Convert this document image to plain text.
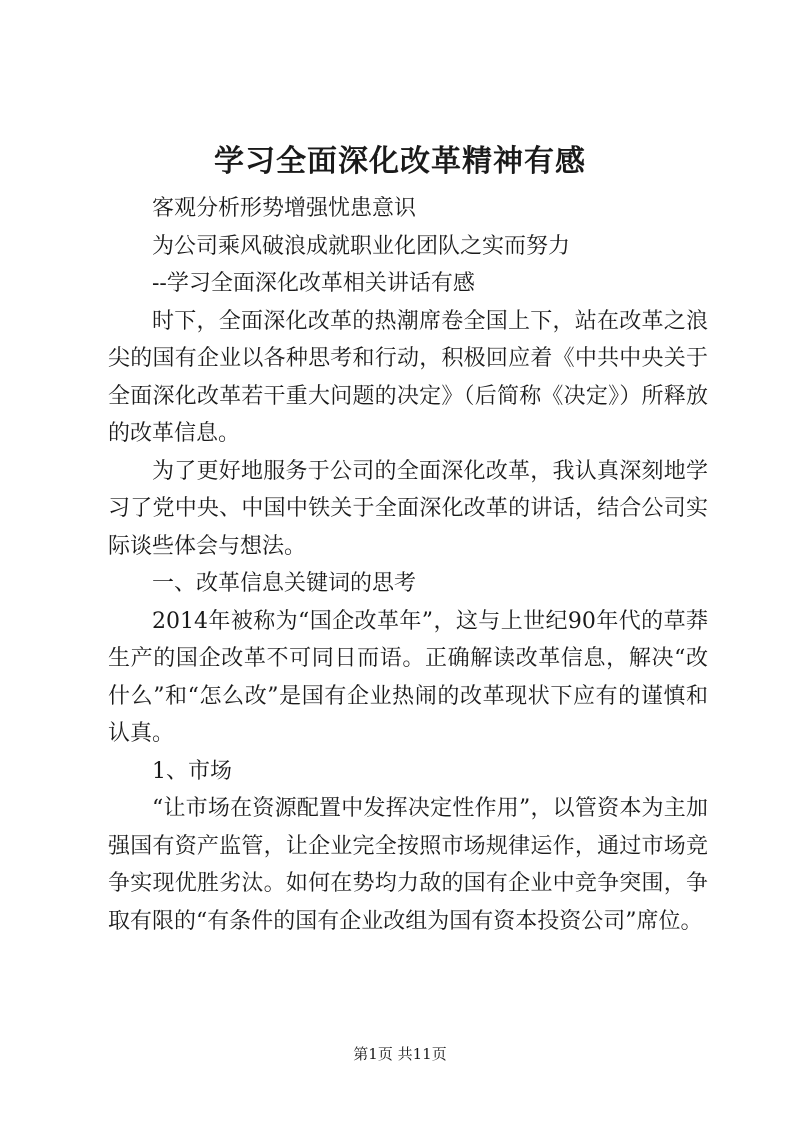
学习全面深化改革精神有感

客观分析形势增强忧患意识

为公司乘风破浪成就职业化团队之实而努力

--学习全面深化改革相关讲话有感

时下，全面深化改革的热潮席卷全国上下，站在改革之浪尖的国有企业以各种思考和行动，积极回应着《中共中央关于全面深化改革若干重大问题的决定》（后简称《决定》）所释放的改革信息。

为了更好地服务于公司的全面深化改革，我认真深刻地学习了党中央、中国中铁关于全面深化改革的讲话，结合公司实际谈些体会与想法。

一、改革信息关键词的思考

2014年被称为“国企改革年”，这与上世纪90年代的草莽生产的国企改革不可同日而语。正确解读改革信息，解决“改什么”和“怎么改”是国有企业热闹的改革现状下应有的谨慎和认真。

1、市场

“让市场在资源配置中发挥决定性作用”，以管资本为主加强国有资产监管，让企业完全按照市场规律运作，通过市场竞争实现优胜劣汰。如何在势均力敌的国有企业中竞争突围，争取有限的“有条件的国有企业改组为国有资本投资公司”席位。

第1页 共11页
